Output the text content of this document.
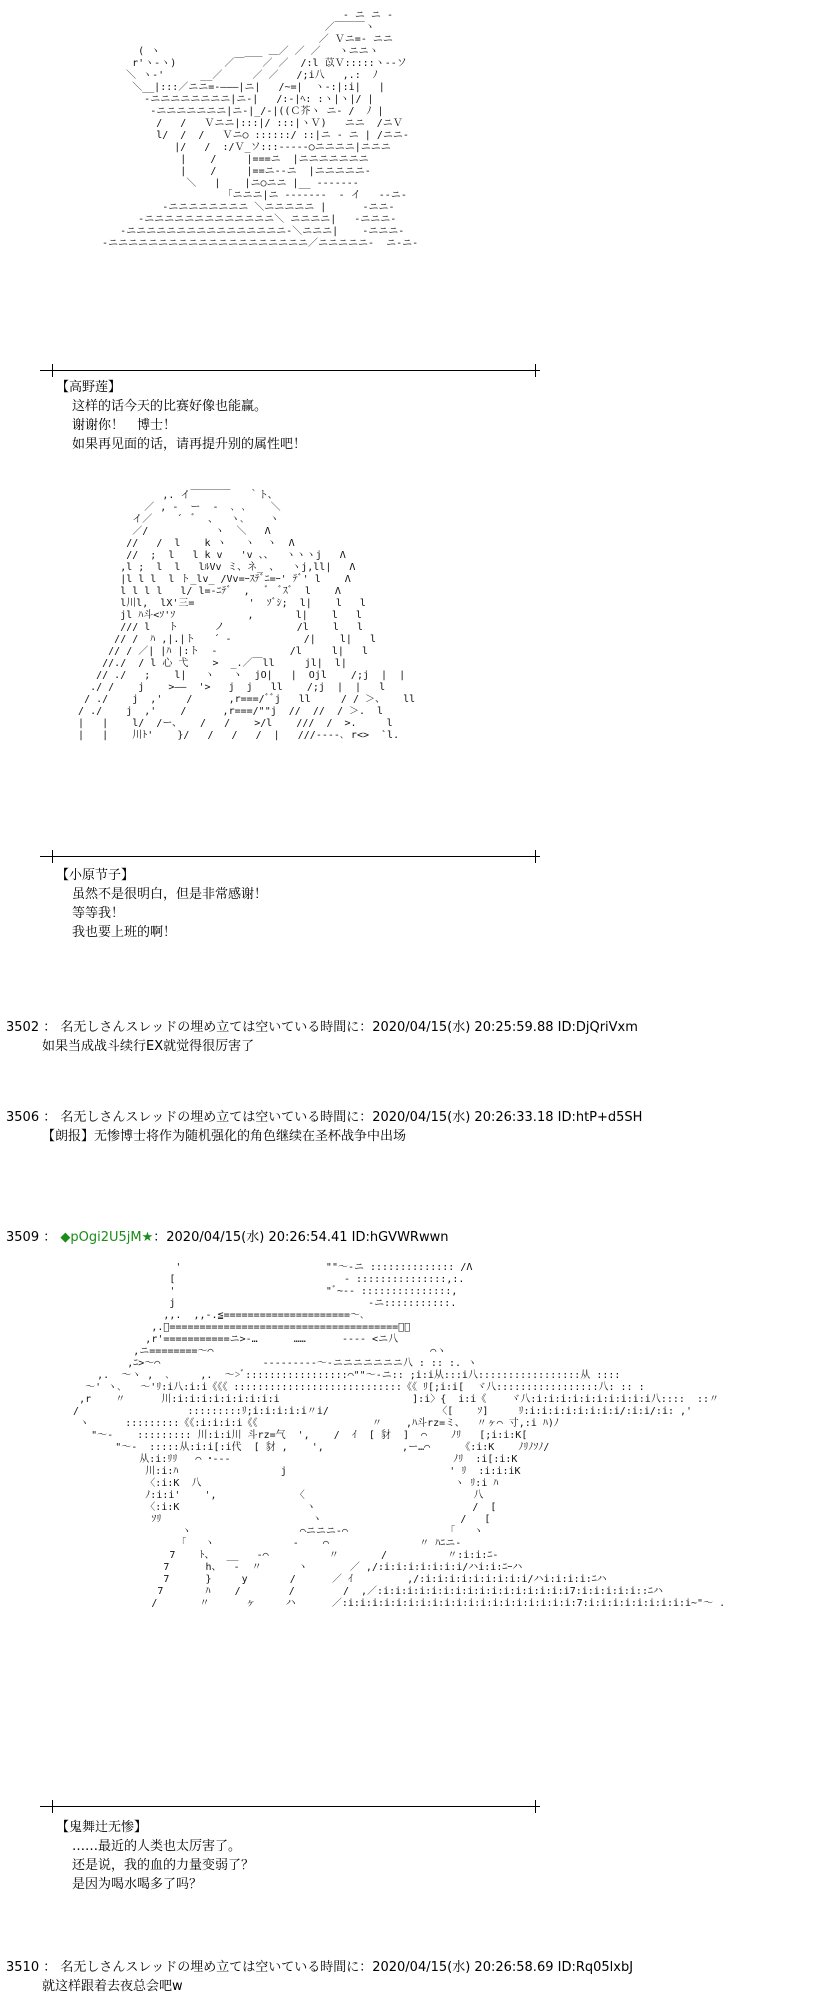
- ニ ニ -
／￣￣￣ヽ
／ Ｖニ=- ニニ
( ヽ              ___ ＿／ ／ ／   ヽニニヽ
r'ヽ-ヽ)        ／￣   ／ ／  /:l 苡Ｖ:::::ヽ--ソ
＼ ヽ-'      __／     ／ ／   /;i八   ,.:  ﾉ
＼__|:::／ニニ=-―――|ニ|   /~=|  ヽ-:|:i|   |
-ニニニニニニニニ|ニ-|   /:-|ﾍ: :ヽ|ヽ|/ |
-ニニニニニニニ|ニ-|_/-|((Ｃ芥ヽ ニ- /  ﾉ |
/   /   Ｖニニ|:::|/ :::|ヽＶ)   ニニ  /ニＶ
l/  /  /   Ｖニ○ ::::::/ ::|ニ - ニ | /ニニ-
|/   /  :/Ｖ_ソ:::-----○ニニニニ|ニニニ
|    /     |===ニ  |ニニニニニニニ
|    /     |==ニ--ニ  |ニニニニニ-
＼   |    |ニ○ニニ |__ --‐‐‐--
「ニニニ|ニ -------  - イ   --ニ-
-ニニニニニニニニ ＼ニニニニニ |      -ニニ-
-ニニニニニニニニニニニニニ＼ ニニニニ|   -ニニニ-
-ニニニニニニニニニニニニニニニニ-＼ニニニ|    -ニニニ-
-ニニニニニニニニニニニニニニニニニニニニ／ニニニニニ-  ニ-ニ-

【高野莲】
这样的话今天的比赛好像也能赢。
谢谢你！　博士！
如果再见面的话，请再提升别的属性吧！
,. イ￣￣￣￣   ｀ト、
／ , -  ー  -  ､ ､    ＼
イ／    ´  ﾞ  、  ヽ､    ヽ
／/           ヽ  ＼   Λ
//   /  l    k ヽ   ヽ  ヽ  Λ
//  ;  l   l k v   'v 、、  ヽヽヽj   Λ
,l ;  l  l   lﾙVv ミ、ネ_ 、  ヽj,ll|   Λ
|l l l  l ト_lv_ /Vv=ｰｽﾃﾞﾆ=ｰ' ﾃﾞ' l    Λ
l l l l   l/ l=-ﾆﾃﾞ  ,   ﾞ  ﾞｽﾞ  l    Λ
l川l,  lX'三=         '  ｿﾞｼ;  l|    l   l
jl ﾊ斗<ｿ'ｿ            ,       l|    l   l
/// l   ト      ノ            /l    l   l
// /  ﾊ ,|.|ト   ´ -            /|    l|   l
// / ／| |ﾊ |:ト  -            /l     l|   l
//./  / l 心 弋    >  _.／￣ll     jl|  l|
// ./   ;    l|   ヽ   ヽ  jO|   |  Ojl    /;j  |  |
./ /    j    >――  '>   j  j   ll    /;j  |  |   l
/ ./    j  ,'    /      ,r===/ﾞﾞj   ll     / / ＞、   ll
/ ./    j  ,'    /      ,r===/""j  //  //  / ＞.  l
|   |    l/  /ー、   /   /    >/l    ///  /  >.     l
|   |    川ﾄ'    }/   /   /   /  |   ///----､ r<>  `l.

【小原节子】
虽然不是很明白，但是非常感谢！
等等我！
我也要上班的啊！
3502 ： 名无しさんスレッドの埋め立ては空いている時間に：2020/04/15(水) 20:25:59.88 ID:DjQriVxm
如果当成战斗续行EX就觉得很厉害了
3506 ： 名无しさんスレッドの埋め立ては空いている時間に：2020/04/15(水) 20:26:33.18 ID:htP+d5SH
【朗报】无惨博士将作为随机强化的角色继续在圣杯战争中出场
3509 ： ◆pOgi2U5jM★：2020/04/15(水) 20:26:54.41 ID:hGVWRwwn
'                        ""～-ニ :::::::::::::: /Λ
[                            - :::::::::::::::,:.
'                         "ﾞ~-- :::::::::::::::,
j                                -ニ:::::::::::.
,,.  ,,-.≦=====================～､
,.ﾞ======================================～、
,r'===========ニ>-…      ……      ---- <ニ八
,ニ========～⌒                                    ⌒ヽ
,ﾆ>～⌒                 ---------～-ニニニニニニニ八 : :: :. ヽ
,.  ～ヽ ,  ､     ,.  ～>ﾞ:::::::::::::::::⌒""～-ニ:: ;i:i从:::i八:::::::::::::::::从 ::::
～' ヽ､   ～'ﾘ:i八:i:i《《《 ::::::::::::::::::::::::::::《《 ﾘ[;i:i[  ヾ八:::::::::::::::::八: :: :
,r    〃      川:i:i:i:i:i:i:i:i:i                      ]:i〉{  i:i《    ヾ八:i:i:i:i:i:i:i:i:i:i八::::  ::〃
/                  :::::::::ﾘ;i:i:i:i:i〃i/                  〈[    ｿ]     ﾘ:i:i:i:i:i:i:i:i/:i:i/:i: ,'
ヽ      :::::::::《《:i:i:i:i《《                   〃    ,ﾊ斗rz=ミ、  〃ヶ⌒ 寸,:i ﾊ)ﾉ
"～-    ::::::::: 川:i:i川 斗rz=气  ',    /  ｲ  [ 豺  ]  ⌒    ﾉﾘ   [;i:i:K[
"～-  :::::从:i:i[:i代  [ 豺 ,    ',             ,ー…⌒     《:i:K    ﾉﾘﾉｿﾉ/
从:i:ﾘﾘ   ⌒ ･---                                     ﾉﾘ  :i[:i:K
川:i:ﾊ                 j                           ' ﾘ  :i:i:iK
〈:i:K  八                                          ヽ ﾘ:i ﾊ
ﾉ:i:i'    ',             〈                            八
〈:i:K                     ヽ                          /  [
ｿﾘ                         ヽ                       /   [
ヽ                  ⌒ニニニ-⌒                 ｢   ヽ
｢   ヽ             -    ⌒               〃 ﾊﾆニ-
7    ﾄ、  __   -⌒          〃       /          〃:i:i:ﾆ-
7      h、  -  〃      ヽ       ／ ,/:i:i:i:i:i:i:i/ハi:i:ﾆｰハ
7      }     y       /      ／ ｲ         ,/:i:i:i:i:i:i:i:i:i/ハi:i:i:i:ﾆハ
7       ﾊ    /        /        /  ,／:i:i:i:i:i:i:i:i:i:i:i:i:i:i:i:i7:i:i:i:i:i::ﾆハ
/       〃      ヶ     ハ      ／:i:i:i:i:i:i:i:i:i:i:i:i:i:i:i:i:i:i:i:7:i:i:i:i:i:i:i:i:i~"～ .

【鬼舞辻无惨】
……最近的人类也太厉害了。
还是说，我的血的力量变弱了？
是因为喝水喝多了吗？
3510 ： 名无しさんスレッドの埋め立ては空いている時間に：2020/04/15(水) 20:26:58.69 ID:Rq05lxbJ
就这样跟着去夜总会吧w
